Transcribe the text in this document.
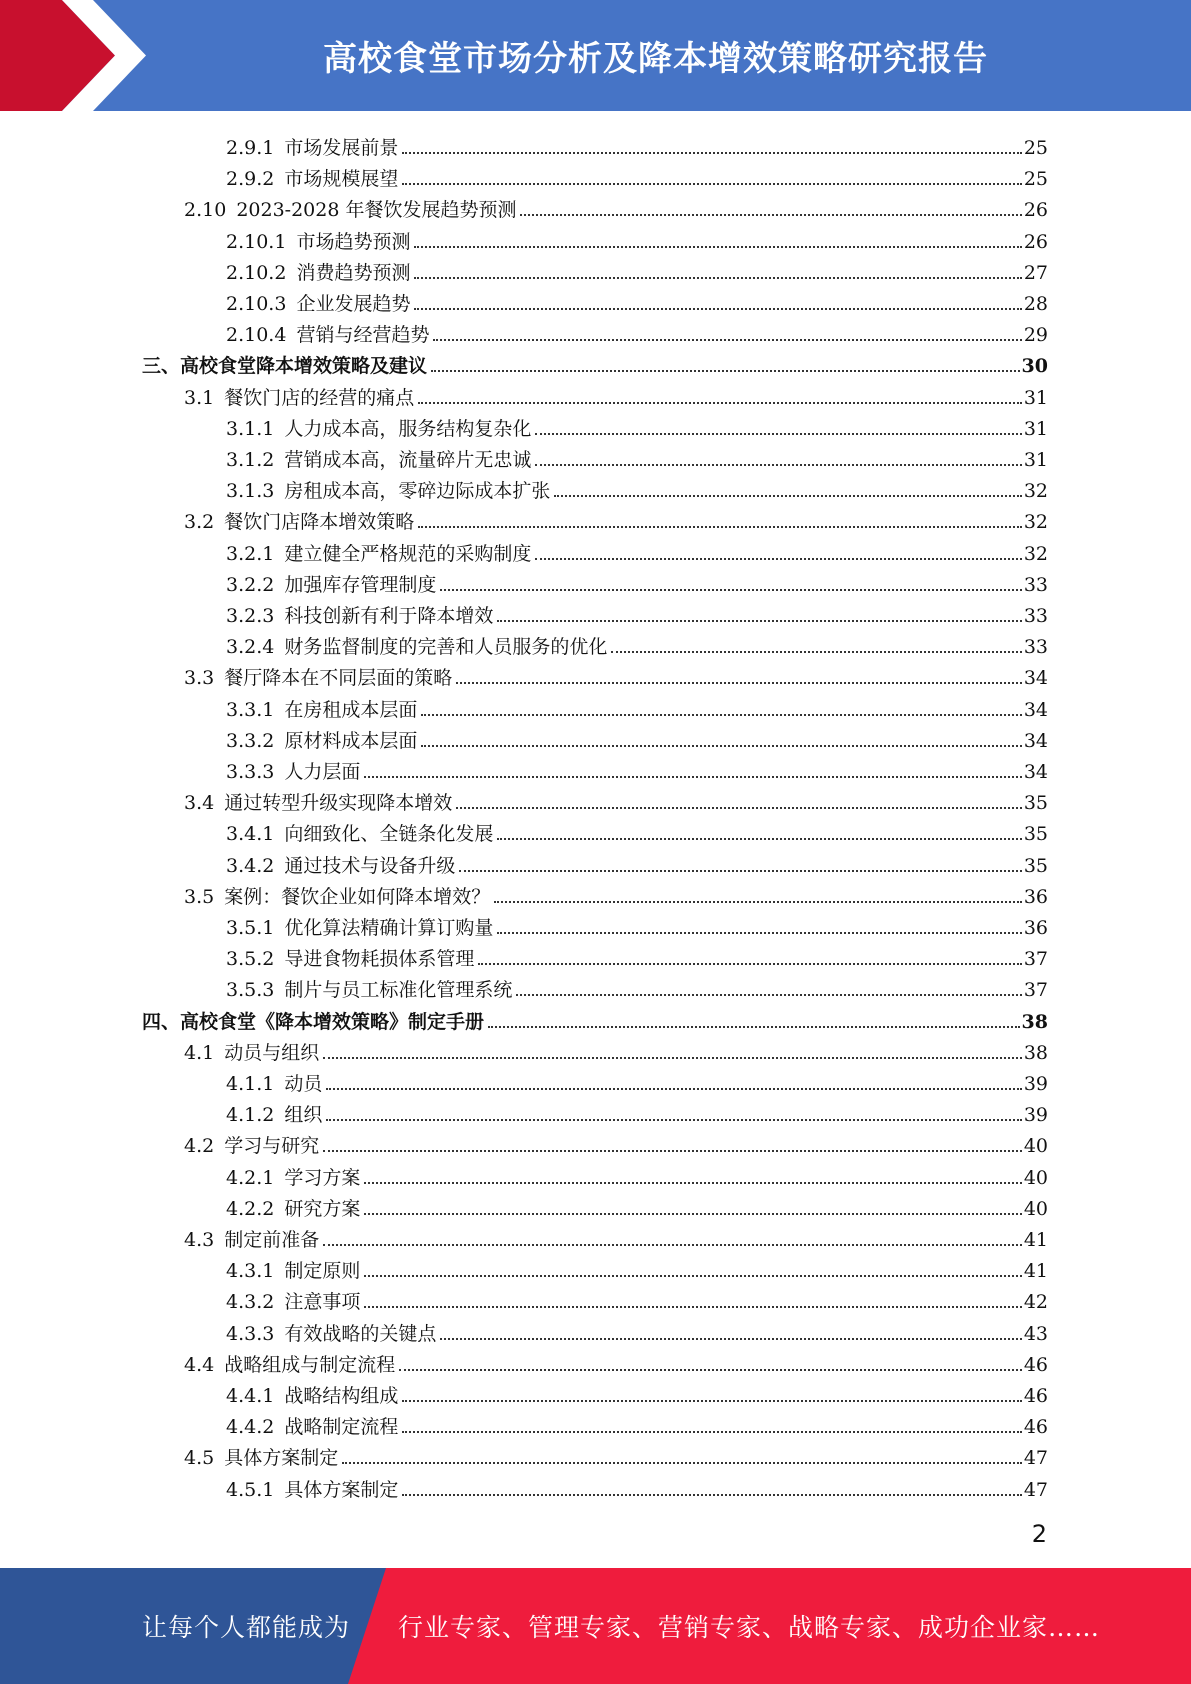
高校食堂市场分析及降本增效策略研究报告
2.9.1 市场发展前景	25
2.9.2 市场规模展望	25
2.10 2023-2028 年餐饮发展趋势预测	26
2.10.1 市场趋势预测	26
2.10.2 消费趋势预测	27
2.10.3 企业发展趋势	28
2.10.4 营销与经营趋势	29
三、高校食堂降本增效策略及建议	30
3.1 餐饮门店的经营的痛点	31
3.1.1 人力成本高，服务结构复杂化	31
3.1.2 营销成本高，流量碎片无忠诚	31
3.1.3 房租成本高，零碎边际成本扩张	32
3.2 餐饮门店降本增效策略	32
3.2.1 建立健全严格规范的采购制度	32
3.2.2 加强库存管理制度	33
3.2.3 科技创新有利于降本增效	33
3.2.4 财务监督制度的完善和人员服务的优化	33
3.3 餐厅降本在不同层面的策略	34
3.3.1 在房租成本层面	34
3.3.2 原材料成本层面	34
3.3.3 人力层面	34
3.4 通过转型升级实现降本增效	35
3.4.1 向细致化、全链条化发展	35
3.4.2 通过技术与设备升级	35
3.5 案例：餐饮企业如何降本增效？	36
3.5.1 优化算法精确计算订购量	36
3.5.2 导进食物耗损体系管理	37
3.5.3 制片与员工标准化管理系统	37
四、高校食堂《降本增效策略》制定手册	38
4.1 动员与组织	38
4.1.1 动员	39
4.1.2 组织	39
4.2 学习与研究	40
4.2.1 学习方案	40
4.2.2 研究方案	40
4.3 制定前准备	41
4.3.1 制定原则	41
4.3.2 注意事项	42
4.3.3 有效战略的关键点	43
4.4 战略组成与制定流程	46
4.4.1 战略结构组成	46
4.4.2 战略制定流程	46
4.5 具体方案制定	47
4.5.1 具体方案制定	47
2
让每个人都能成为 行业专家、管理专家、营销专家、战略专家、成功企业家……
